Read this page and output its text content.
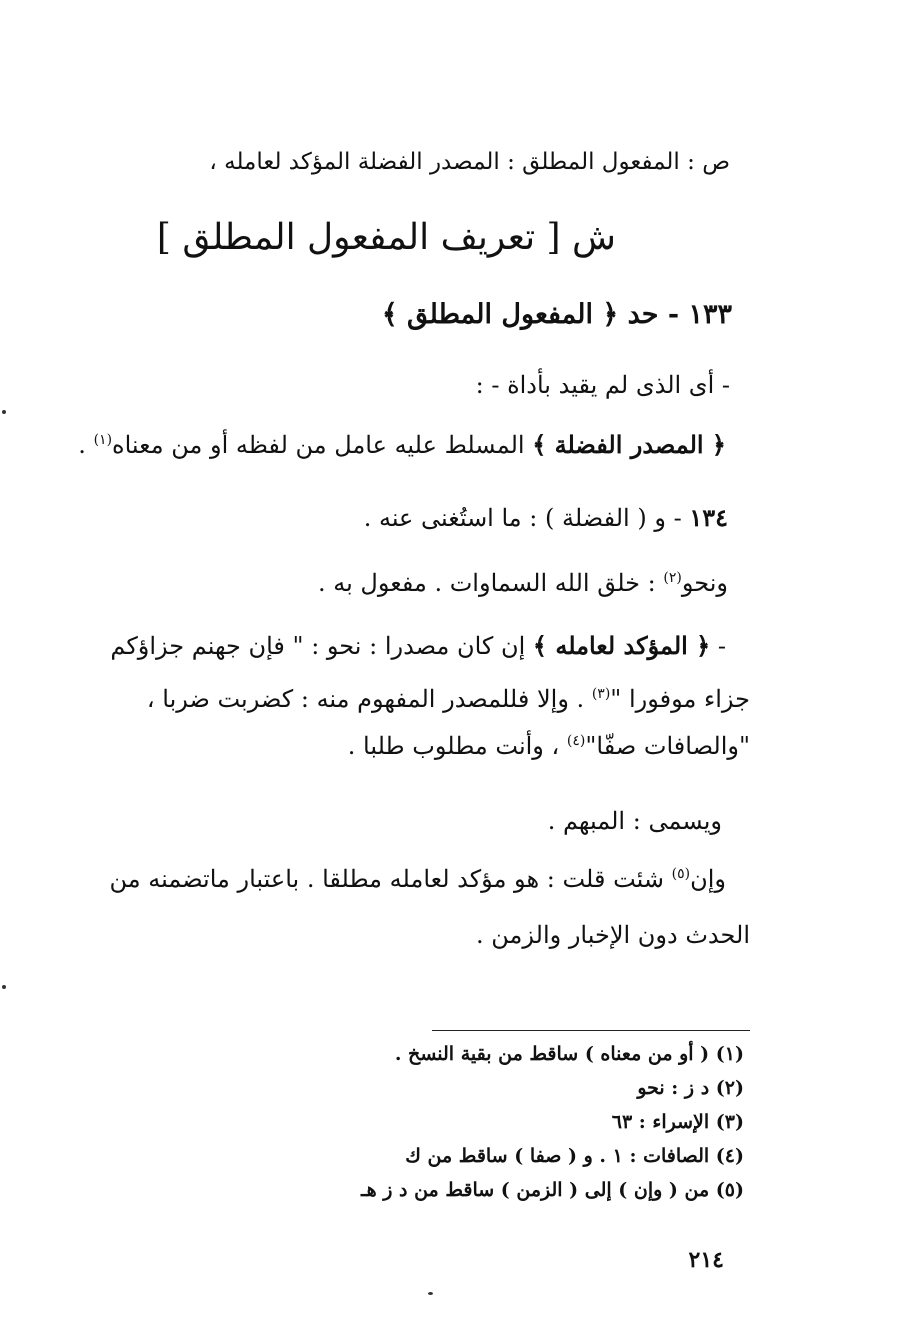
ص : المفعول المطلق : المصدر الفضلة المؤكد لعامله ،
ش [ تعريف المفعول المطلق ]
١٣٣ - حد ﴿ المفعول المطلق ﴾
- أى الذى لم يقيد بأداة - :
﴿ المصدر الفضلة ﴾ المسلط عليه عامل من لفظه أو من معناه$^{(١)}$ .
١٣٤ - و ( الفضلة ) : ما استُغنى عنه .
ونحو$^{(٢)}$ : خلق الله السماوات . مفعول به .
- ﴿ المؤكد لعامله ﴾ إن كان مصدرا : نحو : " فإن جهنم جزاؤكم
جزاء موفورا "$^{(٣)}$ . وإلا فللمصدر المفهوم منه : كضربت ضربا ،
"والصافات صفّا"$^{(٤)}$ ، وأنت مطلوب طلبا .
ويسمى : المبهم .
وإن$^{(٥)}$ شئت قلت : هو مؤكد لعامله مطلقا . باعتبار ماتضمنه من
الحدث دون الإخبار والزمن .
(١) ( أو من معناه ) ساقط من بقية النسخ .
(٢) د ز : نحو
(٣) الإسراء : ٦٣
(٤) الصافات : ١ . و ( صفا ) ساقط من ك
(٥) من ( وإن ) إلى ( الزمن ) ساقط من د ز هـ
٢١٤
